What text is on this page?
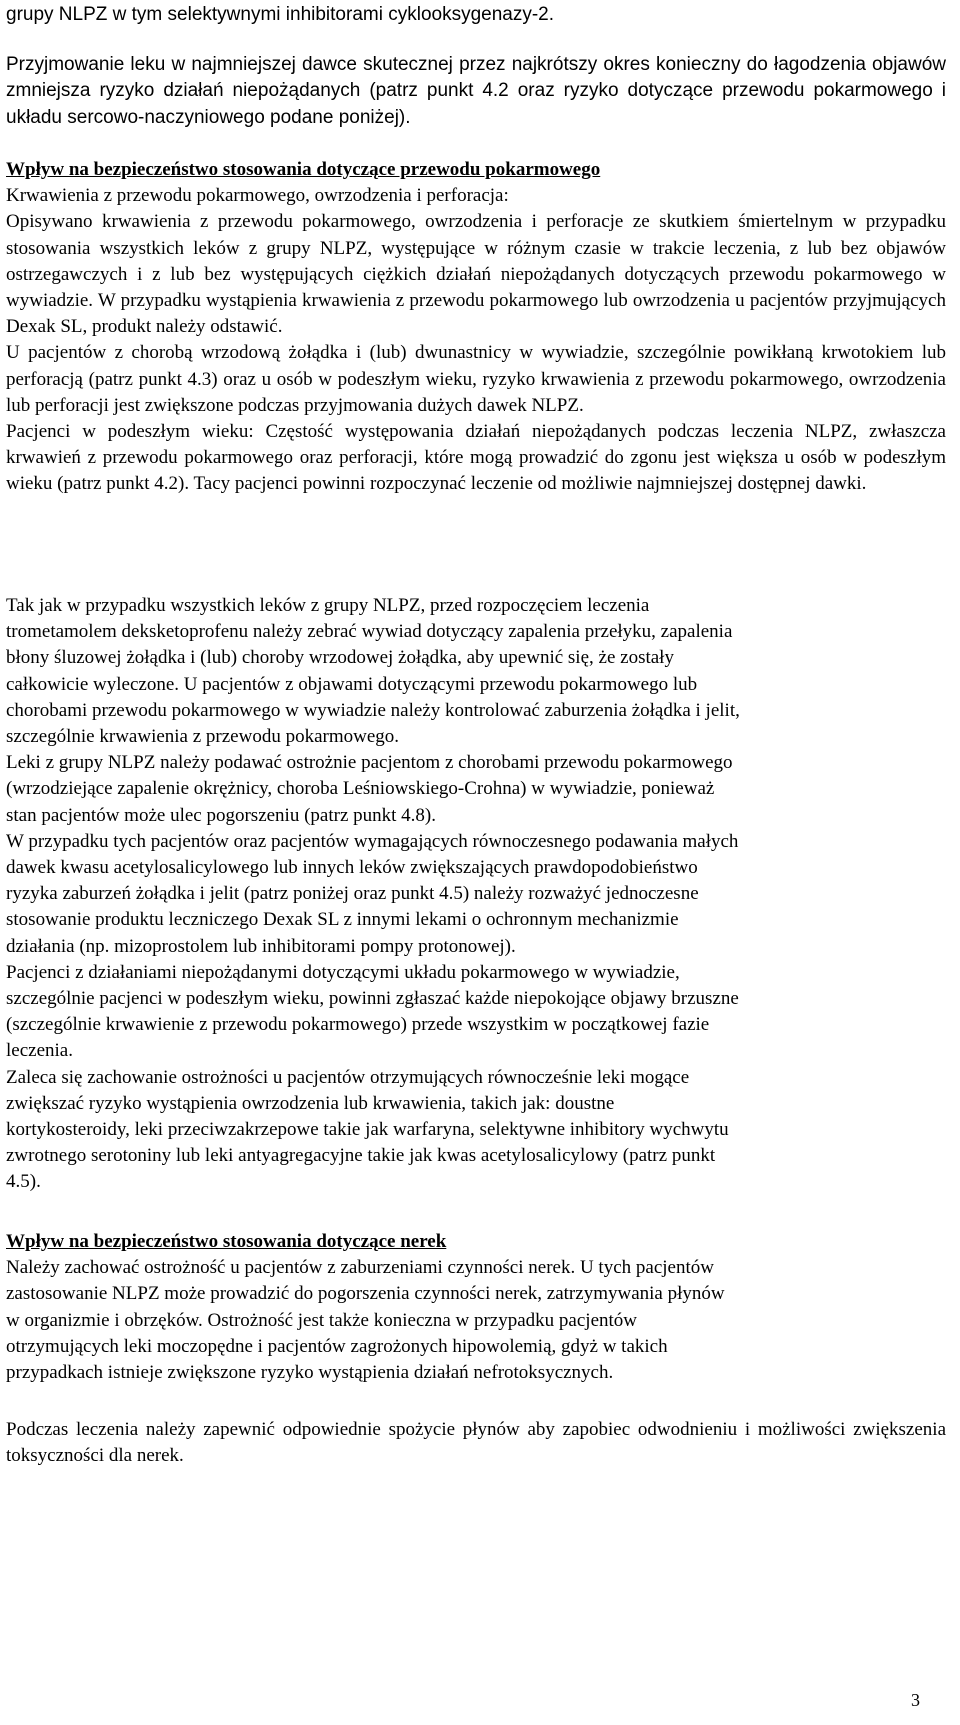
grupy NLPZ w tym selektywnymi inhibitorami cyklooksygenazy-2.

Przyjmowanie leku w najmniejszej dawce skutecznej przez najkrótszy okres konieczny do łagodzenia objawów zmniejsza ryzyko działań niepożądanych (patrz punkt 4.2 oraz ryzyko dotyczące przewodu pokarmowego i układu sercowo-naczyniowego podane poniżej).

Wpływ na bezpieczeństwo stosowania dotyczące przewodu pokarmowego
Krwawienia z przewodu pokarmowego, owrzodzenia i perforacja:
Opisywano krwawienia z przewodu pokarmowego, owrzodzenia i perforacje ze skutkiem śmiertelnym w przypadku stosowania wszystkich leków z grupy NLPZ, występujące w różnym czasie w trakcie leczenia, z lub bez objawów ostrzegawczych i z lub bez występujących ciężkich działań niepożądanych dotyczących przewodu pokarmowego w wywiadzie. W przypadku wystąpienia krwawienia z przewodu pokarmowego lub owrzodzenia u pacjentów przyjmujących Dexak SL, produkt należy odstawić.
U pacjentów z chorobą wrzodową żołądka i (lub) dwunastnicy w wywiadzie, szczególnie powikłaną krwotokiem lub perforacją (patrz punkt 4.3) oraz u osób w podeszłym wieku, ryzyko krwawienia z przewodu pokarmowego, owrzodzenia lub perforacji jest zwiększone podczas przyjmowania dużych dawek NLPZ.
Pacjenci w podeszłym wieku: Częstość występowania działań niepożądanych podczas leczenia NLPZ, zwłaszcza krwawień z przewodu pokarmowego oraz perforacji, które mogą prowadzić do zgonu jest większa u osób w podeszłym wieku (patrz punkt 4.2). Tacy pacjenci powinni rozpoczynać leczenie od możliwie najmniejszej dostępnej dawki.
Tak jak w przypadku wszystkich leków z grupy NLPZ, przed rozpoczęciem leczenia
trometamolem deksketoprofenu należy zebrać wywiad dotyczący zapalenia przełyku, zapalenia
błony śluzowej żołądka i (lub) choroby wrzodowej żołądka, aby upewnić się, że zostały
całkowicie wyleczone. U pacjentów z objawami dotyczącymi przewodu pokarmowego lub
chorobami przewodu pokarmowego w wywiadzie należy kontrolować zaburzenia żołądka i jelit,
szczególnie krwawienia z przewodu pokarmowego.
Leki z grupy NLPZ należy podawać ostrożnie pacjentom z chorobami przewodu pokarmowego
(wrzodziejące zapalenie okrężnicy, choroba Leśniowskiego-Crohna) w wywiadzie, ponieważ
stan pacjentów może ulec pogorszeniu (patrz punkt 4.8).
W przypadku tych pacjentów oraz pacjentów wymagających równoczesnego podawania małych
dawek kwasu acetylosalicylowego lub innych leków zwiększających prawdopodobieństwo
ryzyka zaburzeń żołądka i jelit (patrz poniżej oraz punkt 4.5) należy rozważyć jednoczesne
stosowanie produktu leczniczego Dexak SL z innymi lekami o ochronnym mechanizmie
działania (np. mizoprostolem lub inhibitorami pompy protonowej).
Pacjenci z działaniami niepożądanymi dotyczącymi układu pokarmowego w wywiadzie,
szczególnie pacjenci w podeszłym wieku, powinni zgłaszać każde niepokojące objawy brzuszne
(szczególnie krwawienie z przewodu pokarmowego) przede wszystkim w początkowej fazie
leczenia.
Zaleca się zachowanie ostrożności u pacjentów otrzymujących równocześnie leki mogące
zwiększać ryzyko wystąpienia owrzodzenia lub krwawienia, takich jak: doustne
kortykosteroidy, leki przeciwzakrzepowe takie jak warfaryna, selektywne inhibitory wychwytu
zwrotnego serotoniny lub leki antyagregacyjne takie jak kwas acetylosalicylowy (patrz punkt
4.5).
Wpływ na bezpieczeństwo stosowania dotyczące nerek
Należy zachować ostrożność u pacjentów z zaburzeniami czynności nerek. U tych pacjentów
zastosowanie NLPZ może prowadzić do pogorszenia czynności nerek, zatrzymywania płynów
w organizmie i obrzęków. Ostrożność jest także konieczna w przypadku pacjentów
otrzymujących leki moczopędne i pacjentów zagrożonych hipowolemią, gdyż w takich
przypadkach istnieje zwiększone ryzyko wystąpienia działań nefrotoksycznych.

Podczas leczenia należy zapewnić odpowiednie spożycie płynów aby zapobiec odwodnieniu i możliwości zwiększenia toksyczności dla nerek.

3
